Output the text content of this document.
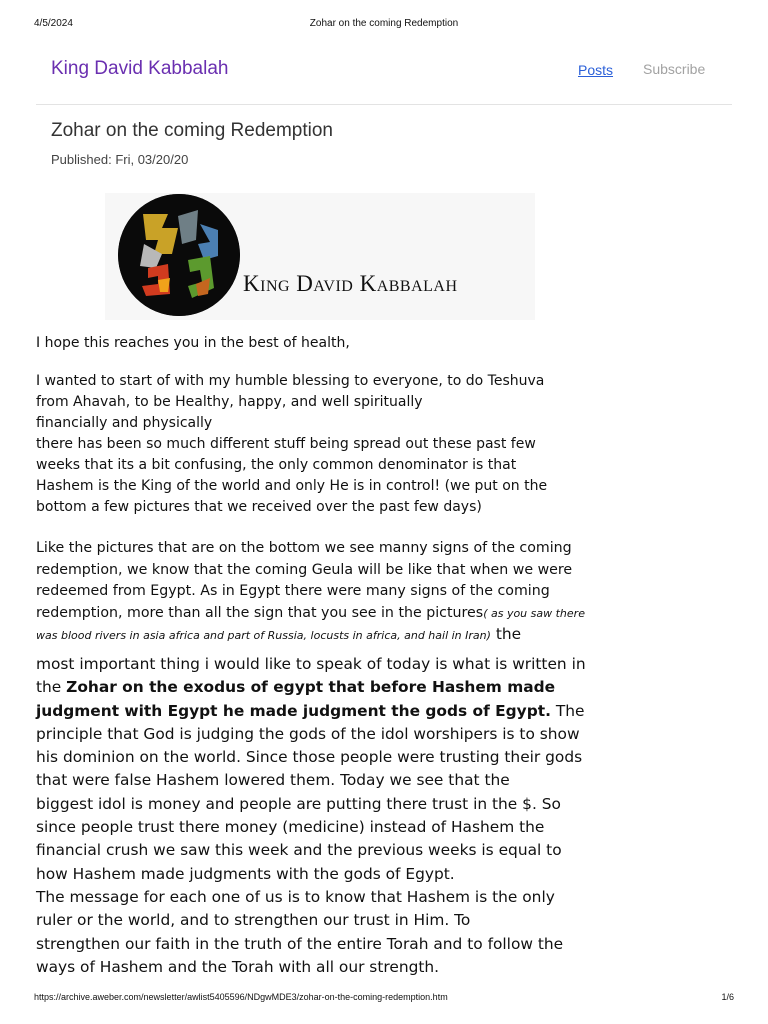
4/5/2024	Zohar on the coming Redemption
King David Kabbalah	Posts Subscribe
Zohar on the coming Redemption
Published: Fri, 03/20/20
King David Kabbalah
I hope this reaches you in the best of health,
I wanted to start of with my humble blessing to everyone, to do Teshuva
from Ahavah, to be Healthy, happy, and well spiritually
financially and physically
there has been so much different stuff being spread out these past few
weeks that its a bit confusing, the only common denominator is that
Hashem is the King of the world and only He is in control! (we put on the
bottom a few pictures that we received over the past few days)
Like the pictures that are on the bottom we see manny signs of the coming
redemption, we know that the coming Geula will be like that when we were
redeemed from Egypt. As in Egypt there were many signs of the coming
redemption, more than all the sign that you see in the pictures( as you saw there was blood rivers in asia africa and part of Russia, locusts in africa, and hail in Iran) the
most important thing i would like to speak of today is what is written in
the Zohar on the exodus of egypt that before Hashem made judgment with Egypt he made judgment the gods of Egypt. The
principle that God is judging the gods of the idol worshipers is to show
his dominion on the world. Since those people were trusting their gods
that were false Hashem lowered them. Today we see that the
biggest idol is money and people are putting there trust in the $. So
since people trust there money (medicine) instead of Hashem the
financial crush we saw this week and the previous weeks is equal to
how Hashem made judgments with the gods of Egypt.
The message for each one of us is to know that Hashem is the only
ruler or the world, and to strengthen our trust in Him. To
strengthen our faith in the truth of the entire Torah and to follow the
ways of Hashem and the Torah with all our strength.
https://archive.aweber.com/newsletter/awlist5405596/NDgwMDE3/zohar-on-the-coming-redemption.htm	1/6
